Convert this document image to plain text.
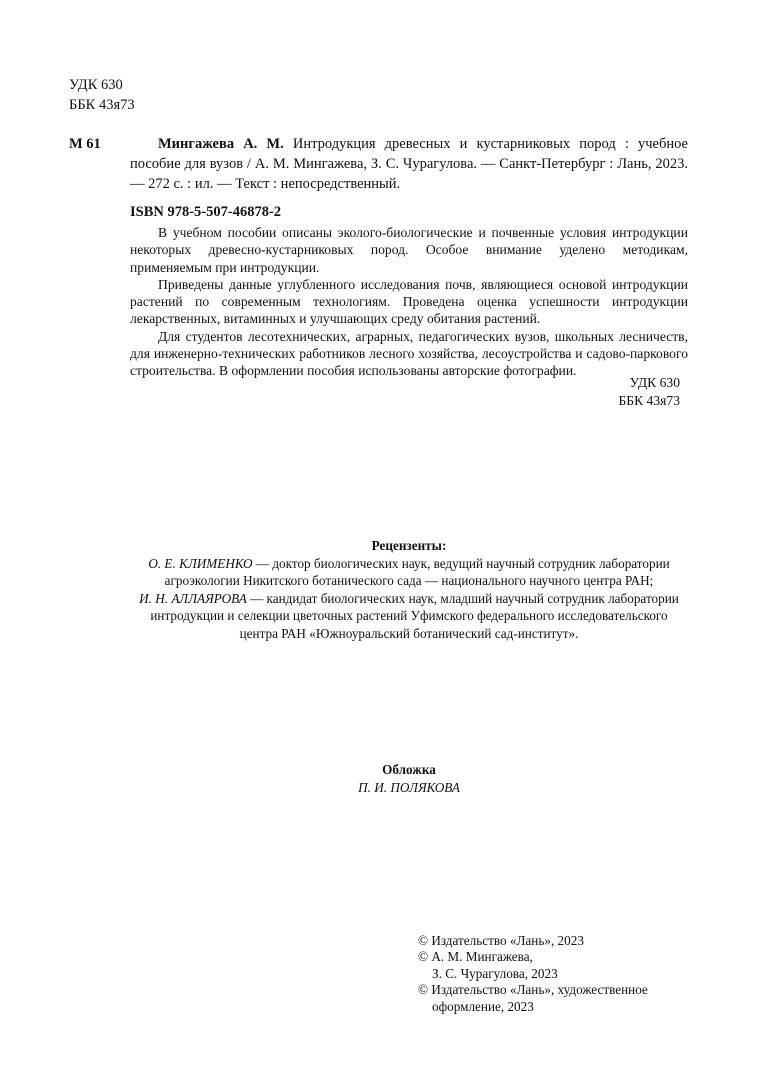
УДК 630
ББК 43я73
М 61	Мингажева А. М. Интродукция древесных и кустарниковых пород : учебное пособие для вузов / А. М. Мингажева, З. С. Чурагулова. — Санкт-Петербург : Лань, 2023. — 272 с. : ил. — Текст : непосредственный.

ISBN 978-5-507-46878-2

В учебном пособии описаны эколого-биологические и почвенные условия интродукции некоторых древесно-кустарниковых пород. Особое внимание уделено методикам, применяемым при интродукции.

Приведены данные углубленного исследования почв, являющиеся основой интродукции растений по современным технологиям. Проведена оценка успешности интродукции лекарственных, витаминных и улучшающих среду обитания растений.

Для студентов лесотехнических, аграрных, педагогических вузов, школьных лесничеств, для инженерно-технических работников лесного хозяйства, лесоустройства и садово-паркового строительства. В оформлении пособия использованы авторские фотографии.

УДК 630
ББК 43я73
Рецензенты:
О. Е. КЛИМЕНКО — доктор биологических наук, ведущий научный сотрудник лаборатории агроэкологии Никитского ботанического сада — национального научного центра РАН;
И. Н. АЛЛАЯРОВА — кандидат биологических наук, младший научный сотрудник лаборатории интродукции и селекции цветочных растений Уфимского федерального исследовательского центра РАН «Южноуральский ботанический сад-институт».
Обложка
П. И. ПОЛЯКОВА
© Издательство «Лань», 2023
© А. М. Мингажева,
З. С. Чурагулова, 2023
© Издательство «Лань», художественное
оформление, 2023
